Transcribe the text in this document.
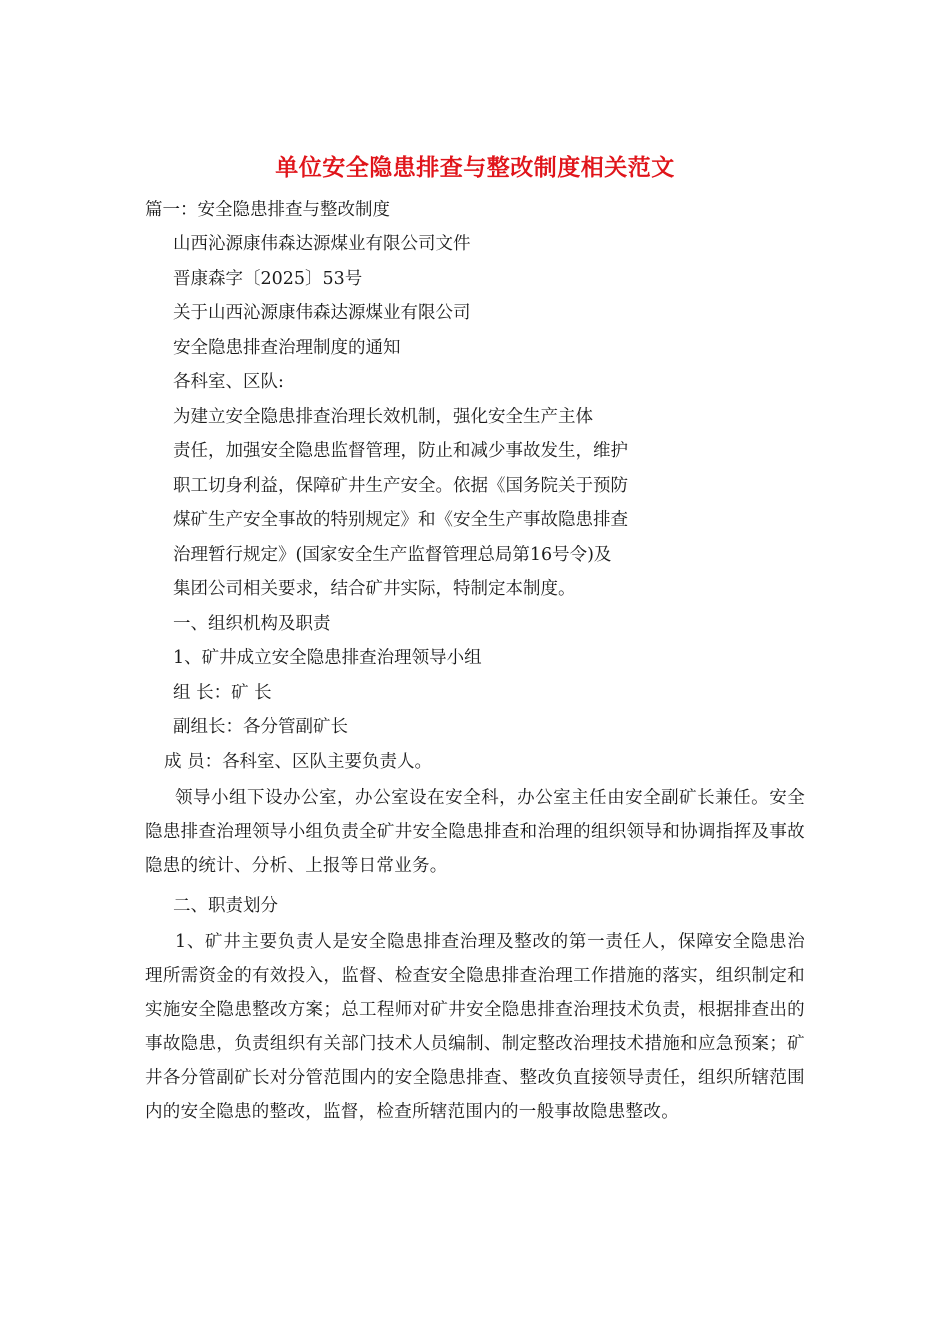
单位安全隐患排查与整改制度相关范文

篇一：安全隐患排查与整改制度

山西沁源康伟森达源煤业有限公司文件

晋康森字〔2025〕53号

关于山西沁源康伟森达源煤业有限公司

安全隐患排查治理制度的通知

各科室、区队:

为建立安全隐患排查治理长效机制，强化安全生产主体

责任，加强安全隐患监督管理，防止和减少事故发生，维护

职工切身利益，保障矿井生产安全。依据《国务院关于预防

煤矿生产安全事故的特别规定》和《安全生产事故隐患排查

治理暂行规定》(国家安全生产监督管理总局第16号令)及

集团公司相关要求，结合矿井实际，特制定本制度。

一、组织机构及职责

1、矿井成立安全隐患排查治理领导小组

组 长：矿 长

副组长：各分管副矿长

成 员：各科室、区队主要负责人。

领导小组下设办公室，办公室设在安全科，办公室主任由安全副矿长兼任。安全隐患排查治理领导小组负责全矿井安全隐患排查和治理的组织领导和协调指挥及事故隐患的统计、分析、上报等日常业务。

二、职责划分

1、矿井主要负责人是安全隐患排查治理及整改的第一责任人，保障安全隐患治理所需资金的有效投入，监督、检查安全隐患排查治理工作措施的落实，组织制定和实施安全隐患整改方案；总工程师对矿井安全隐患排查治理技术负责，根据排查出的事故隐患，负责组织有关部门技术人员编制、制定整改治理技术措施和应急预案；矿井各分管副矿长对分管范围内的安全隐患排查、整改负直接领导责任，组织所辖范围内的安全隐患的整改，监督，检查所辖范围内的一般事故隐患整改。
